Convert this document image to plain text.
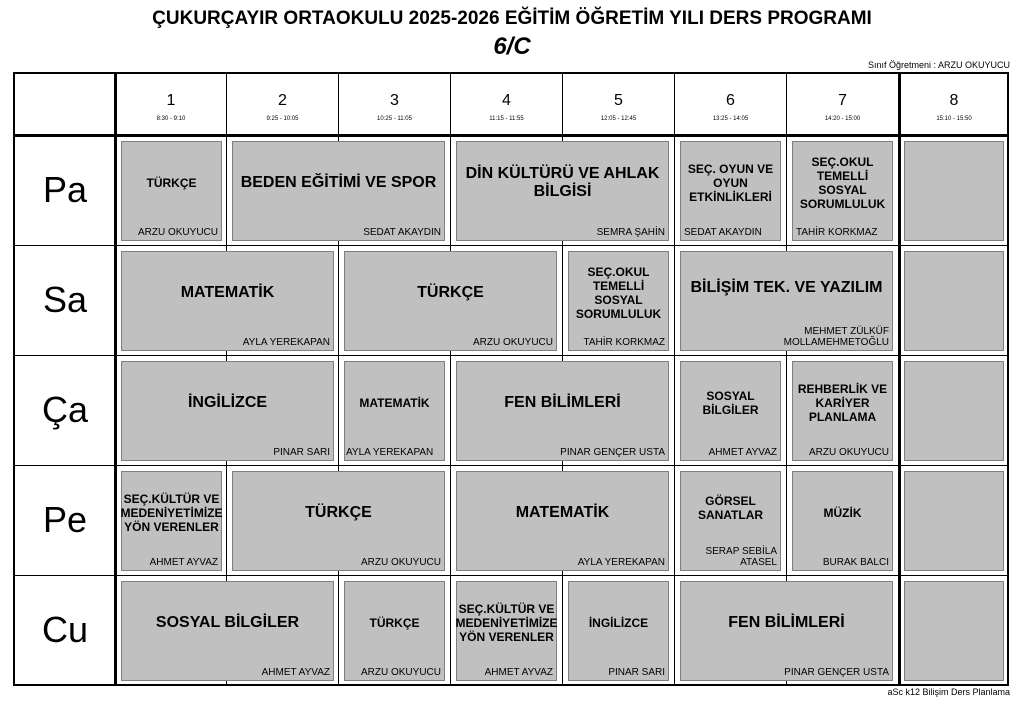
ÇUKURÇAYIR ORTAOKULU 2025-2026 EĞİTİM ÖĞRETİM YILI DERS PROGRAMI
6/C
Sınıf Öğretmeni : ARZU OKUYUCU
1
8:30 - 9:10
2
9:25 - 10:05
3
10:25 - 11:05
4
11:15 - 11:55
5
12:05 - 12:45
6
13:25 - 14:05
7
14:20 - 15:00
8
15:10 - 15:50
Pa
Sa
Ça
Pe
Cu
TÜRKÇE
ARZU OKUYUCU
BEDEN EĞİTİMİ VE SPOR
SEDAT AKAYDIN
DİN KÜLTÜRÜ VE AHLAK BİLGİSİ
SEMRA ŞAHİN
SEÇ. OYUN VE OYUN ETKİNLİKLERİ
SEDAT AKAYDIN
SEÇ.OKUL TEMELLİ SOSYAL SORUMLULUK
TAHİR KORKMAZ
MATEMATİK
AYLA YEREKAPAN
TÜRKÇE
ARZU OKUYUCU
SEÇ.OKUL TEMELLİ SOSYAL SORUMLULUK
TAHİR KORKMAZ
BİLİŞİM TEK. VE YAZILIM
MEHMET ZÜLKÜF MOLLAMEHMETOĞLU
İNGİLİZCE
PINAR SARI
MATEMATİK
AYLA YEREKAPAN
FEN BİLİMLERİ
PINAR GENÇER USTA
SOSYAL BİLGİLER
AHMET AYVAZ
REHBERLİK VE KARİYER PLANLAMA
ARZU OKUYUCU
SEÇ.KÜLTÜR VE MEDENİYETİMİZE YÖN VERENLER
AHMET AYVAZ
TÜRKÇE
ARZU OKUYUCU
MATEMATİK
AYLA YEREKAPAN
GÖRSEL SANATLAR
SERAP SEBİLA ATASEL
MÜZİK
BURAK BALCI
SOSYAL BİLGİLER
AHMET AYVAZ
TÜRKÇE
ARZU OKUYUCU
SEÇ.KÜLTÜR VE MEDENİYETİMİZE YÖN VERENLER
AHMET AYVAZ
İNGİLİZCE
PINAR SARI
FEN BİLİMLERİ
PINAR GENÇER USTA
aSc k12 Bilişim Ders Planlama
